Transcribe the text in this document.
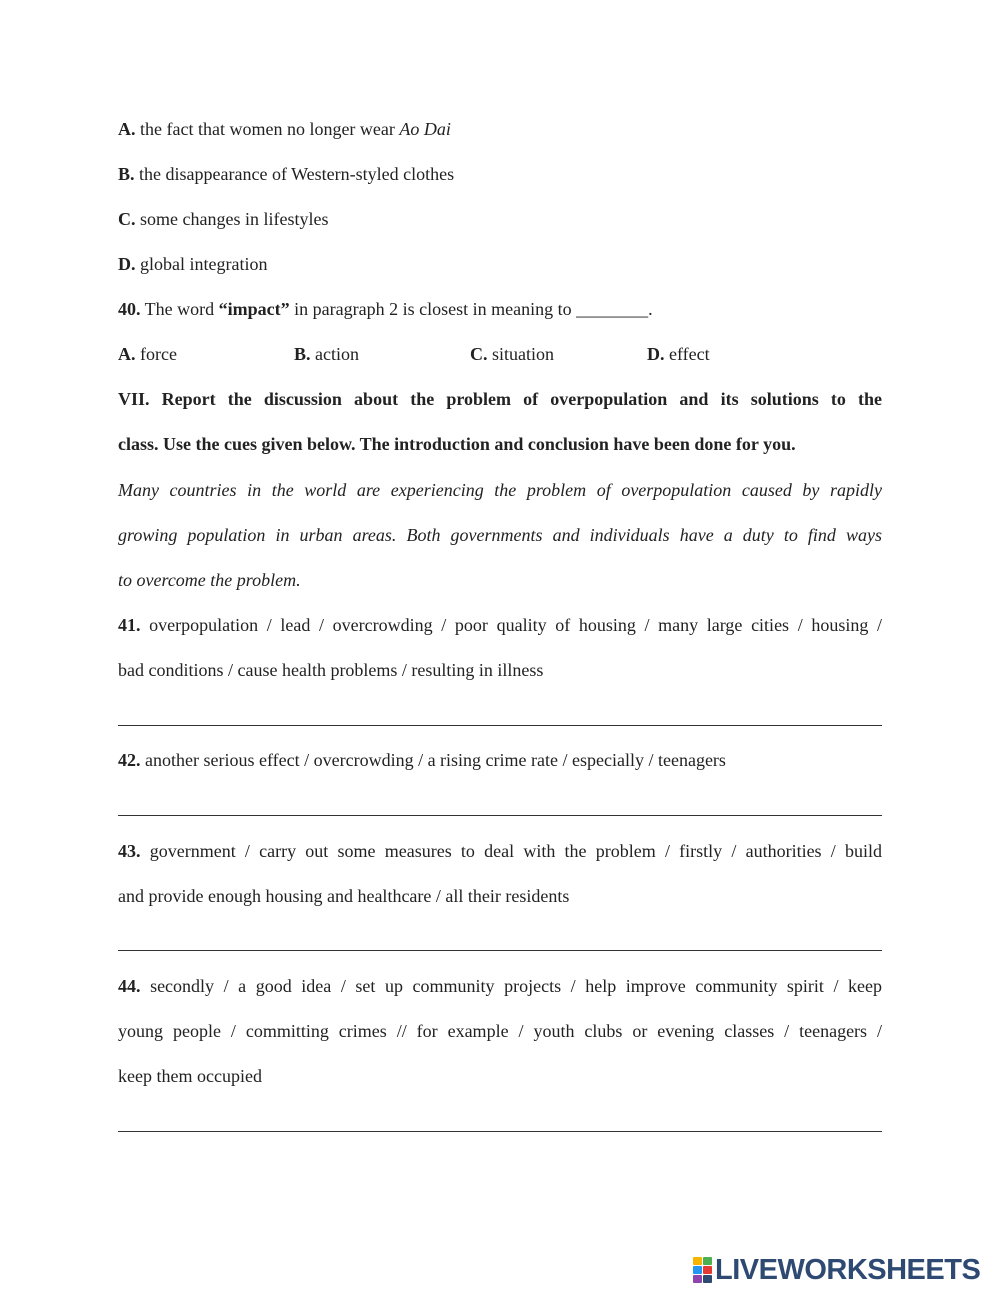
A. the fact that women no longer wear Ao Dai
B. the disappearance of Western-styled clothes
C. some changes in lifestyles
D. global integration
40. The word “impact” in paragraph 2 is closest in meaning to ________.
A. force	B. action	C. situation	D. effect
VII. Report the discussion about the problem of overpopulation and its solutions to the
class. Use the cues given below. The introduction and conclusion have been done for you.
Many countries in the world are experiencing the problem of overpopulation caused by rapidly
growing population in urban areas. Both governments and individuals have a duty to find ways
to overcome the problem.
41. overpopulation / lead / overcrowding / poor quality of housing / many large cities / housing /
bad conditions / cause health problems / resulting in illness
42. another serious effect / overcrowding / a rising crime rate / especially / teenagers
43. government / carry out some measures to deal with the problem / firstly / authorities / build
and provide enough housing and healthcare / all their residents
44. secondly / a good idea / set up community projects / help improve community spirit / keep
young people / committing crimes // for example / youth clubs or evening classes / teenagers /
keep them occupied
LIVEWORKSHEETS
